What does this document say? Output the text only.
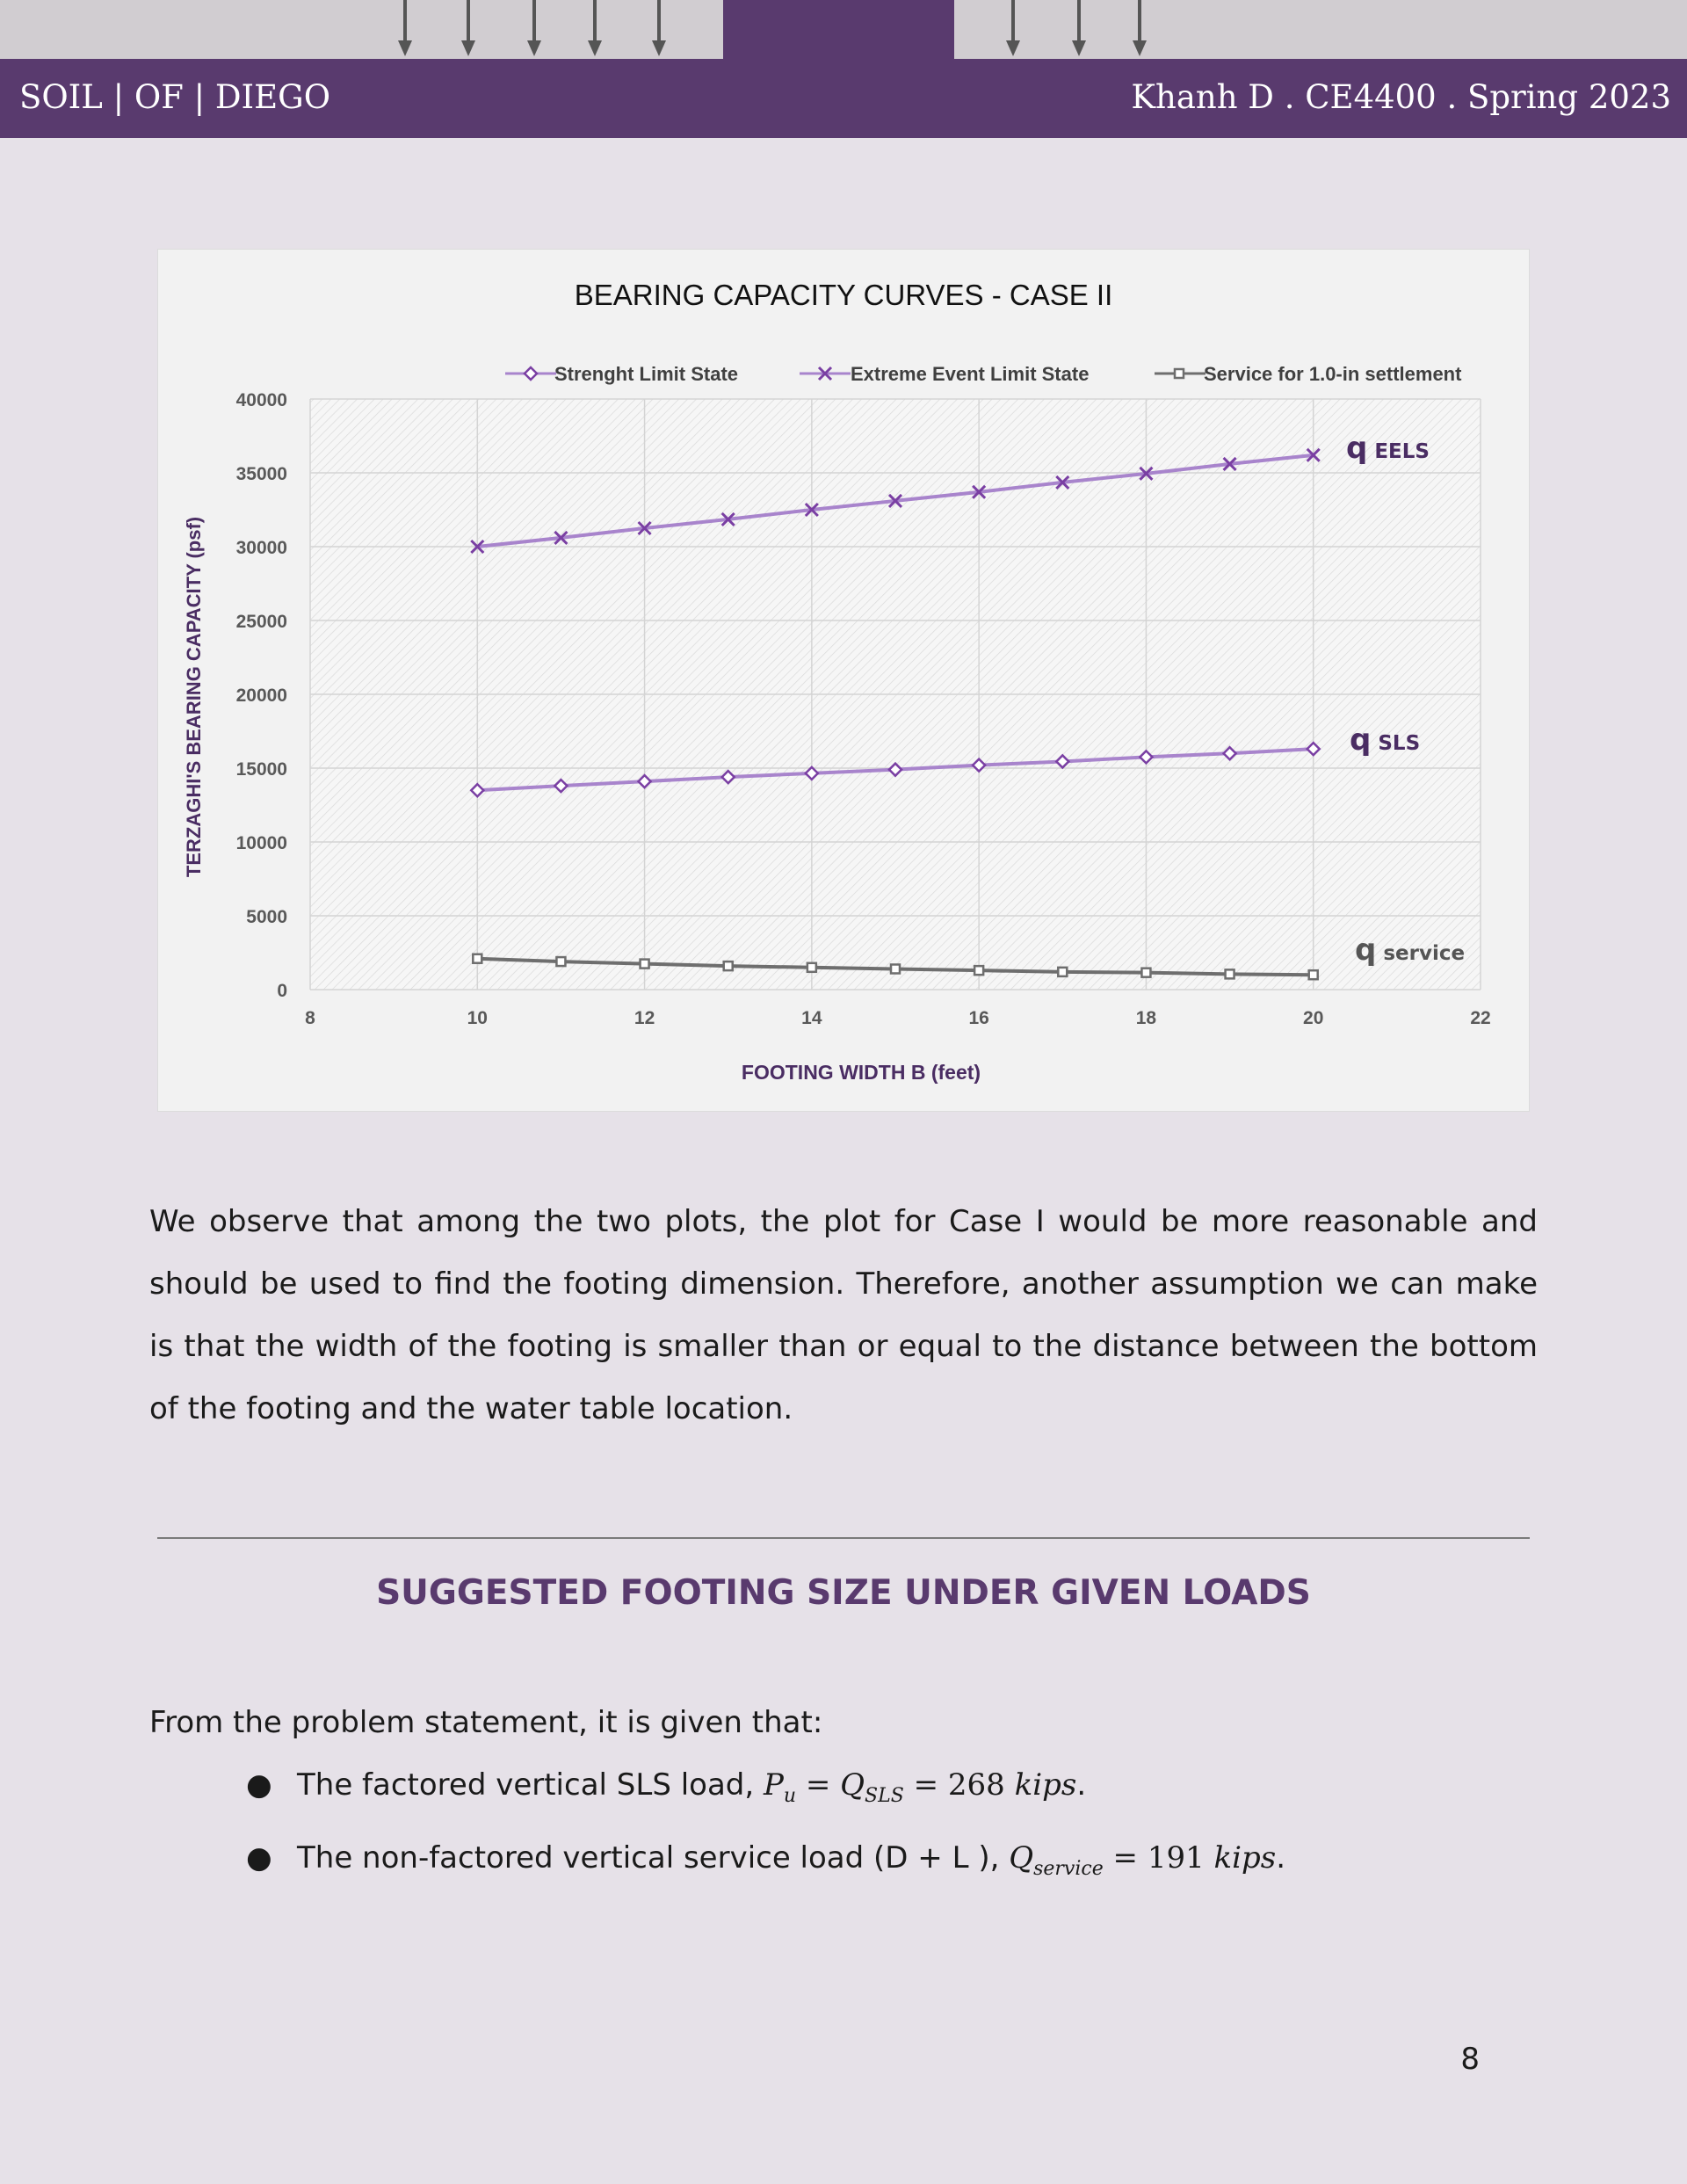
SOIL | OF | DIEGO	Khanh D . CE4400 . Spring 2023
0
5000
10000
15000
20000
25000
30000
35000
40000
8	10	12	14	16	18	20	22
BEARING CAPACITY CURVES - CASE II
Strenght Limit State	Extreme Event Limit State	Service for 1.0-in settlement
FOOTING WIDTH B (feet)
TERZAGHI'S BEARING CAPACITY (psf)
q EELS
q SLS
q service
We observe that among the two plots, the plot for Case I would be more reasonable and should be used to find the footing dimension. Therefore, another assumption we can make is that the width of the footing is smaller than or equal to the distance between the bottom of the footing and the water table location.
SUGGESTED FOOTING SIZE UNDER GIVEN LOADS
From the problem statement, it is given that:
● The factored vertical SLS load, $P_u = Q_{SLS} = 268$ kips.
● The non-factored vertical service load (D + L ), $Q_{service} = 191$ kips.
8
